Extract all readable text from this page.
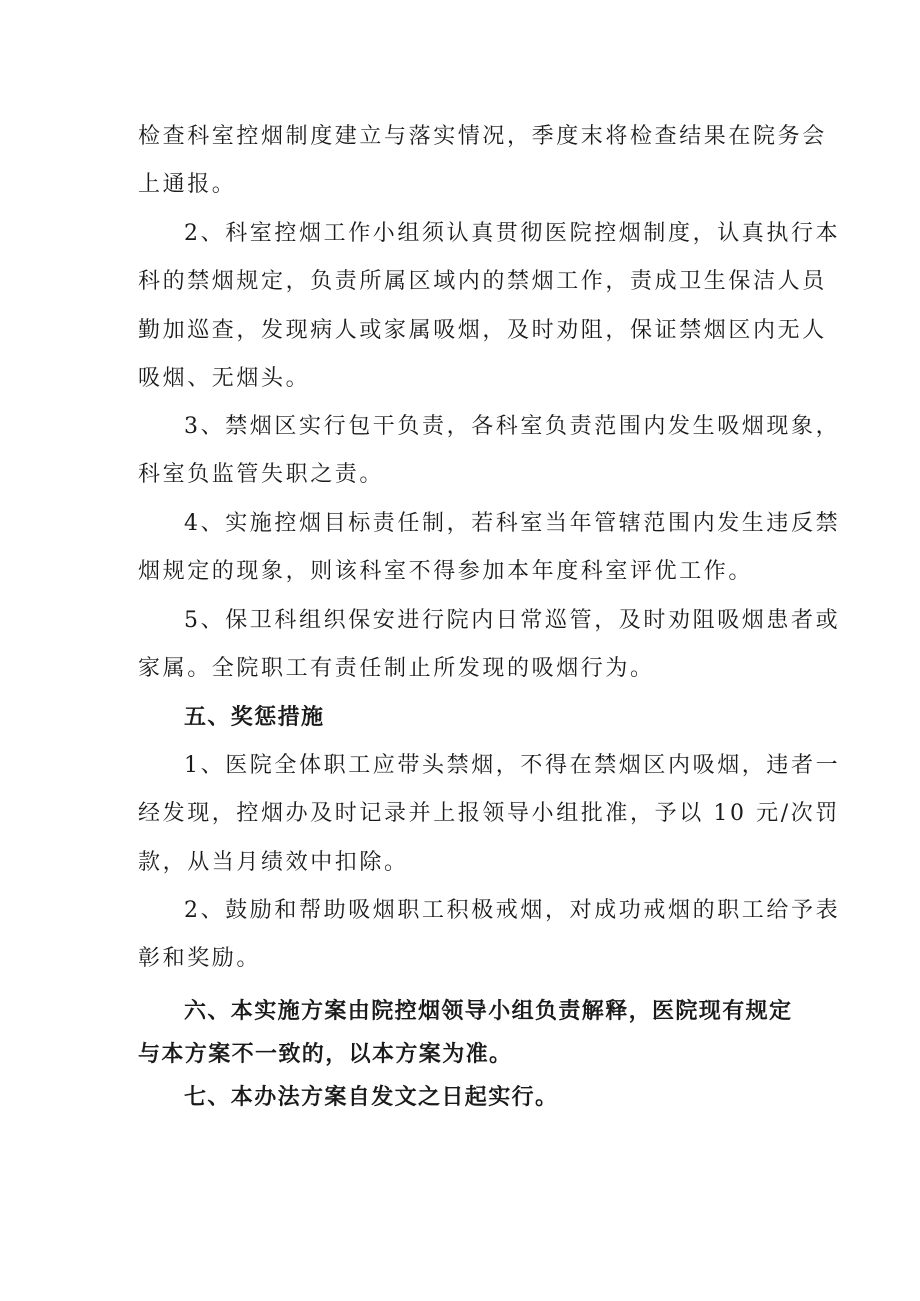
检查科室控烟制度建立与落实情况，季度末将检查结果在院务会
上通报。
2、科室控烟工作小组须认真贯彻医院控烟制度，认真执行本
科的禁烟规定，负责所属区域内的禁烟工作，责成卫生保洁人员
勤加巡查，发现病人或家属吸烟，及时劝阻，保证禁烟区内无人
吸烟、无烟头。
3、禁烟区实行包干负责，各科室负责范围内发生吸烟现象，
科室负监管失职之责。
4、实施控烟目标责任制，若科室当年管辖范围内发生违反禁
烟规定的现象，则该科室不得参加本年度科室评优工作。
5、保卫科组织保安进行院内日常巡管，及时劝阻吸烟患者或
家属。全院职工有责任制止所发现的吸烟行为。
五、奖惩措施
1、医院全体职工应带头禁烟，不得在禁烟区内吸烟，违者一
经发现，控烟办及时记录并上报领导小组批准，予以 10 元/次罚
款，从当月绩效中扣除。
2、鼓励和帮助吸烟职工积极戒烟，对成功戒烟的职工给予表
彰和奖励。
六、本实施方案由院控烟领导小组负责解释，医院现有规定
与本方案不一致的，以本方案为准。
七、本办法方案自发文之日起实行。
